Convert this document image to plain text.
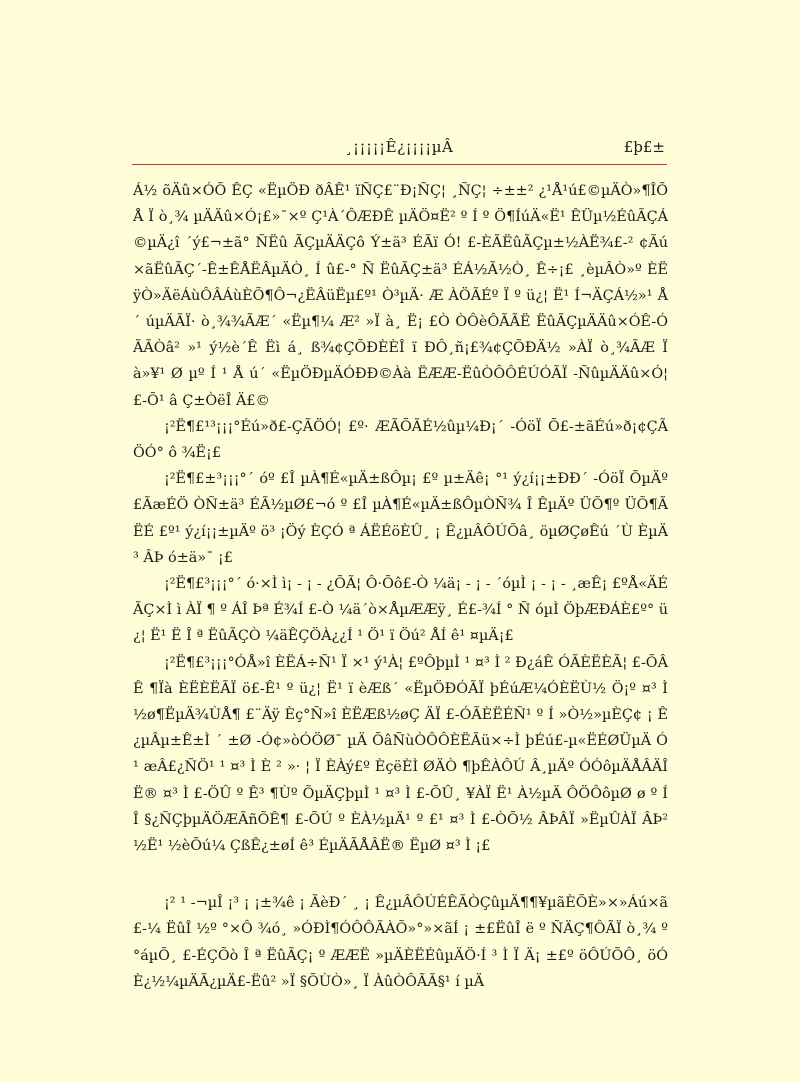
¸¡¡¡¡¡Ê¿¡¡¡¡µÂ	£þ£±

Á½ õÄû×ÓÕ ÊÇ «ËµÖÐ ðÂÊ¹ ïÑÇ£¨Ð¡ÑÇ¦ ¸ÑÇ¦ ÷±±² ¿¹Å¹ú£©µÄÒ»¶ÎÕÅ Ï ò¸¾ µÄÄû×Ó¡£»¯×º Ç¹À´ÔÆÐÊ µÄÖ¤Ë² º Í º Ö¶ÍúÄ«Ë¹ ÊÜµ½ÉûÃÇÁ©µÄ¿î ´ý£¬±ã° ÑËû ÃÇµÄÄÇô Ý±ä³ ÉÃï Ó! £-ÈÃËûÃÇµ±½ÀË¾£-² ¢Ãú×ãËûÃÇ´-Ê±ÊÅËÂµÄÒ¸ Í û£-° Ñ ËûÃÇ±ä³ ÉÁ½Ã½Ò¸ Ê÷¡£ ¸èµÂÒ»º ÈËÿÒ»ÄëÁùÔÂÁùÈÕ¶Ô¬¿ËÂüËµ£º¹ Ò³µÄ· Æ ÀÖÃÉº Ï º ü¿¦ Ë¹ Í¬ÄÇÁ½»¹ Å´ úµÄÃÏ· ò¸¾¾ÃÆ´ «Ëµ¶¼ Æ² »Ï à¸ Ë¡ £Ò ÒÔèÔÃÃË ËûÃÇµÄÄû×ÓÊ-ÓÃÃÒâ² »¹ ý½è´Ê Ëì á¸ ß¾¢ÇÕÐÈÈÎ ï ÐÔ¸ñ¡£¾¢ÇÕÐÄ½ »ÀÏ ò¸¾ÃÆ Ï à»¥¹ Ø µº Í ¹ Å ú´ «ËµÖÐµÄÓÐÐ©Àà ËÆÆ-ËûÒÔÔÉÚÓÃÏ -ÑûµÄÄû×Ó¦£-Õ¹ â Ç±ÒëÎ Ä£©

¡²Ë¶£¹³¡¡¡°Éú»ð£-ÇÃÖÓ¦ £º· ÆÃÕÃÉ½ûµ¼Ð¡´ -ÓöÏ Õ£-±ãÉú»ð¡¢ÇÃÖÓ° ô ¾Ë¡£

¡²Ë¶£±³¡¡¡°´ óº £Î µÀ¶É«µÄ±ßÔµ¡ £º µ±Äê¡ °¹ ý¿í¡¡±ÐÐ´ -ÓöÏ ÕµÄº £ÃæÉÖ ÒÑ±ä³ ÉÃ½µØ£¬ó º £Î µÀ¶É«µÄ±ßÔµÒÑ¾ Î ÊµÄº ÜÕ¶º ÜÕ¶ÃËÉ £º¹ ý¿í¡¡±µÄº ö³ ¡Öý ÈÇÓ ª ÁËÉöÈÛ¸ ¡ Ê¿µÂÔÚÕâ¸ öµØÇøÊú ´Ù ÈµÄ³ ÂÞ ó±ä»¯ ¡£

¡²Ë¶£³¡¡¡°´ ó·×Ì ì¡ - ¡ - ¿ÕÃ¦ Ô·Õô£-Ò ¼ä¡ - ¡ - ´óµÌ ¡ - ¡ - ¸æÊ¡ £ºÅ«ÄÉ ÃÇ×Ì ì ÀÏ ¶ º ÁÎ Þª É¾Í £-Ò ¼ä´ò×ÅµÆÆÿ¸ É£-¾Í ° Ñ óµÌ ÖþÆÐÁÈ£º° ü¿¦ Ë¹ Ë Î ª ËûÃÇÒ ¼äÊÇÖÀ¿¿Í ¹ Ö¹ ï Öú² ÅÍ ê¹ ¤µÄ¡£

¡²Ë¶£³¡¡¡°ÓÅ»î ÈËÁ÷Ñ¹ Ï ×¹ ý¹À¦ £ºÔþµÌ ¹ ¤³ Ì ² Ð¿áÊ ÓÃÈËÈÃ¦ £-ÕÂÊ ¶Ïà ÈËÈËÃÏ ö£-Ê¹ º ü¿¦ Ë¹ ï èÆß´ «ËµÖÐÓÃÏ þÉúÆ¼ÓÈËÙ½ Ö¡º ¤³ Ì ½ø¶ËµÄ¾ÙÅ¶ £¨Äÿ Èç°Ñ»î ÈËÆß½øÇ ÄÏ £-ÓÃÈËÉÑ¹ º Í »Ò½»µÈÇ¢ ¡ Ê¿µÂµ±Ê±Ì ´ ±Ø -Ó¢»òÓÖØ¯ µÄ ÕâÑùÒÔÔÈËÃü×÷Ì þÉú£-µ«ËÉØÜµÄ Ó¹ æÂ£¿ÑÖ¹ ¹ ¤³ Ì È ² »· ¦ Ï ÈÀý£º ÈçëÈÌ ØÄÒ ¶þÊÀÔÚ Â¸µÄº ÓÓôµÄÅÂÄÎ Ë® ¤³ Ì £-ÖÛ º Ê³ ¶Ùº ÕµÄÇþµÌ ¹ ¤³ Ì £-ÕÛ¸ ¥ÀÏ Ë¹ À½µÄ ÔÖÔôµØ ø º Í Î §¿ÑÇþµÄÖÆÃñÕÊ¶ £-ÕÚ º ÈÀ½µÄ¹ º £¹ ¤³ Ì £-ÒÕ½ ÂÞÂÏ »ËµÛÀÏ ÂÞ² ½Ë¹ ½èÕú¼ ÇßÊ¿±øÍ ê³ ÉµÄÃÅÂË® ËµØ ¤³ Ì ¡£

¡² ¹ -¬µÎ ¡³ ¡ ¡±¾ê ¡ ÃèÐ´ ¸ ¡ Ê¿µÂÔÚÉÊÃÒÇûµÄ¶¶¥µãÈÕÈ»×»Áú×ã£-¼ ËûÎ ½º °×Ô ¾ó¸ »ÓÐÌ¶ÓÔÔÃÀÕ»°»×ãÍ ¡ ±£ËûÎ ë º ÑÄÇ¶ÔÃÏ ò¸¾ º °áµÕ¸ £-ÉÇÕò Î ª ËûÃÇ¡ º ÆÆË »µÄÈËÉûµÄÖ·Í ³ Ì Ï Ä¡ ±£º öÔÚÕÔ¸ öÓÈ¿½¼µÄÃ¿µÄ£-Ëû² »Ï §ÕÙÒ»¸ Ï ÀûÒÔÃÃ§¹ í µÄ
